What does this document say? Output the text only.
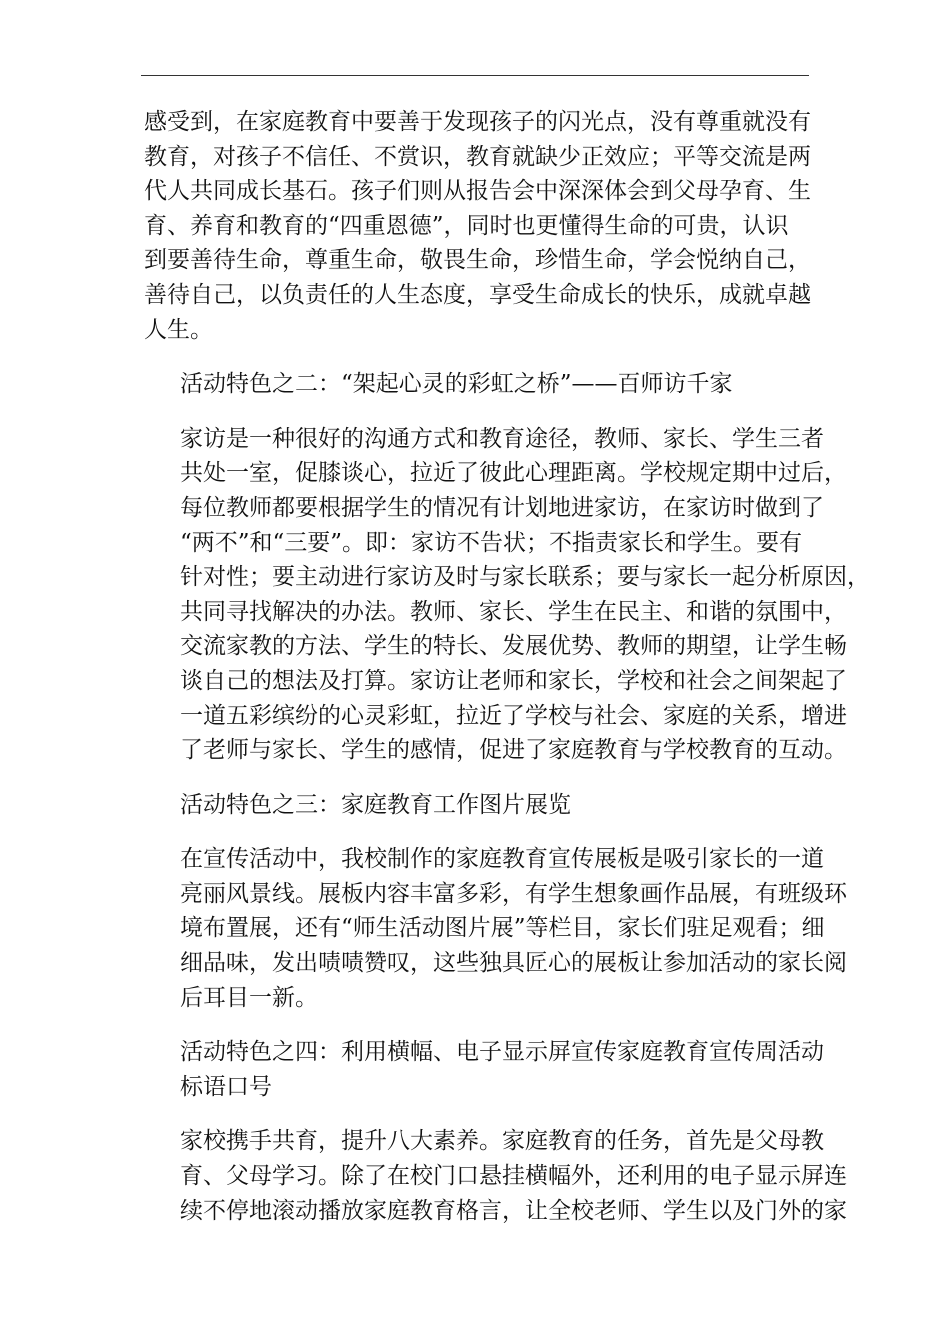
感受到，在家庭教育中要善于发现孩子的闪光点，没有尊重就没有
教育，对孩子不信任、不赏识，教育就缺少正效应；平等交流是两
代人共同成长基石。孩子们则从报告会中深深体会到父母孕育、生
育、养育和教育的“四重恩德”，同时也更懂得生命的可贵，认识
到要善待生命，尊重生命，敬畏生命，珍惜生命，学会悦纳自己，
善待自己，以负责任的人生态度，享受生命成长的快乐，成就卓越
人生。

活动特色之二：“架起心灵的彩虹之桥”——百师访千家

家访是一种很好的沟通方式和教育途径，教师、家长、学生三者
共处一室，促膝谈心，拉近了彼此心理距离。学校规定期中过后，
每位教师都要根据学生的情况有计划地进家访，在家访时做到了
“两不”和“三要”。即：家访不告状；不指责家长和学生。要有
针对性；要主动进行家访及时与家长联系；要与家长一起分析原因，
共同寻找解决的办法。教师、家长、学生在民主、和谐的氛围中，
交流家教的方法、学生的特长、发展优势、教师的期望，让学生畅
谈自己的想法及打算。家访让老师和家长，学校和社会之间架起了
一道五彩缤纷的心灵彩虹，拉近了学校与社会、家庭的关系，增进
了老师与家长、学生的感情，促进了家庭教育与学校教育的互动。

活动特色之三：家庭教育工作图片展览

在宣传活动中，我校制作的家庭教育宣传展板是吸引家长的一道
亮丽风景线。展板内容丰富多彩，有学生想象画作品展，有班级环
境布置展，还有“师生活动图片展”等栏目，家长们驻足观看；细
细品味，发出啧啧赞叹，这些独具匠心的展板让参加活动的家长阅
后耳目一新。

活动特色之四：利用横幅、电子显示屏宣传家庭教育宣传周活动
标语口号

家校携手共育，提升八大素养。家庭教育的任务，首先是父母教
育、父母学习。除了在校门口悬挂横幅外，还利用的电子显示屏连
续不停地滚动播放家庭教育格言，让全校老师、学生以及门外的家
